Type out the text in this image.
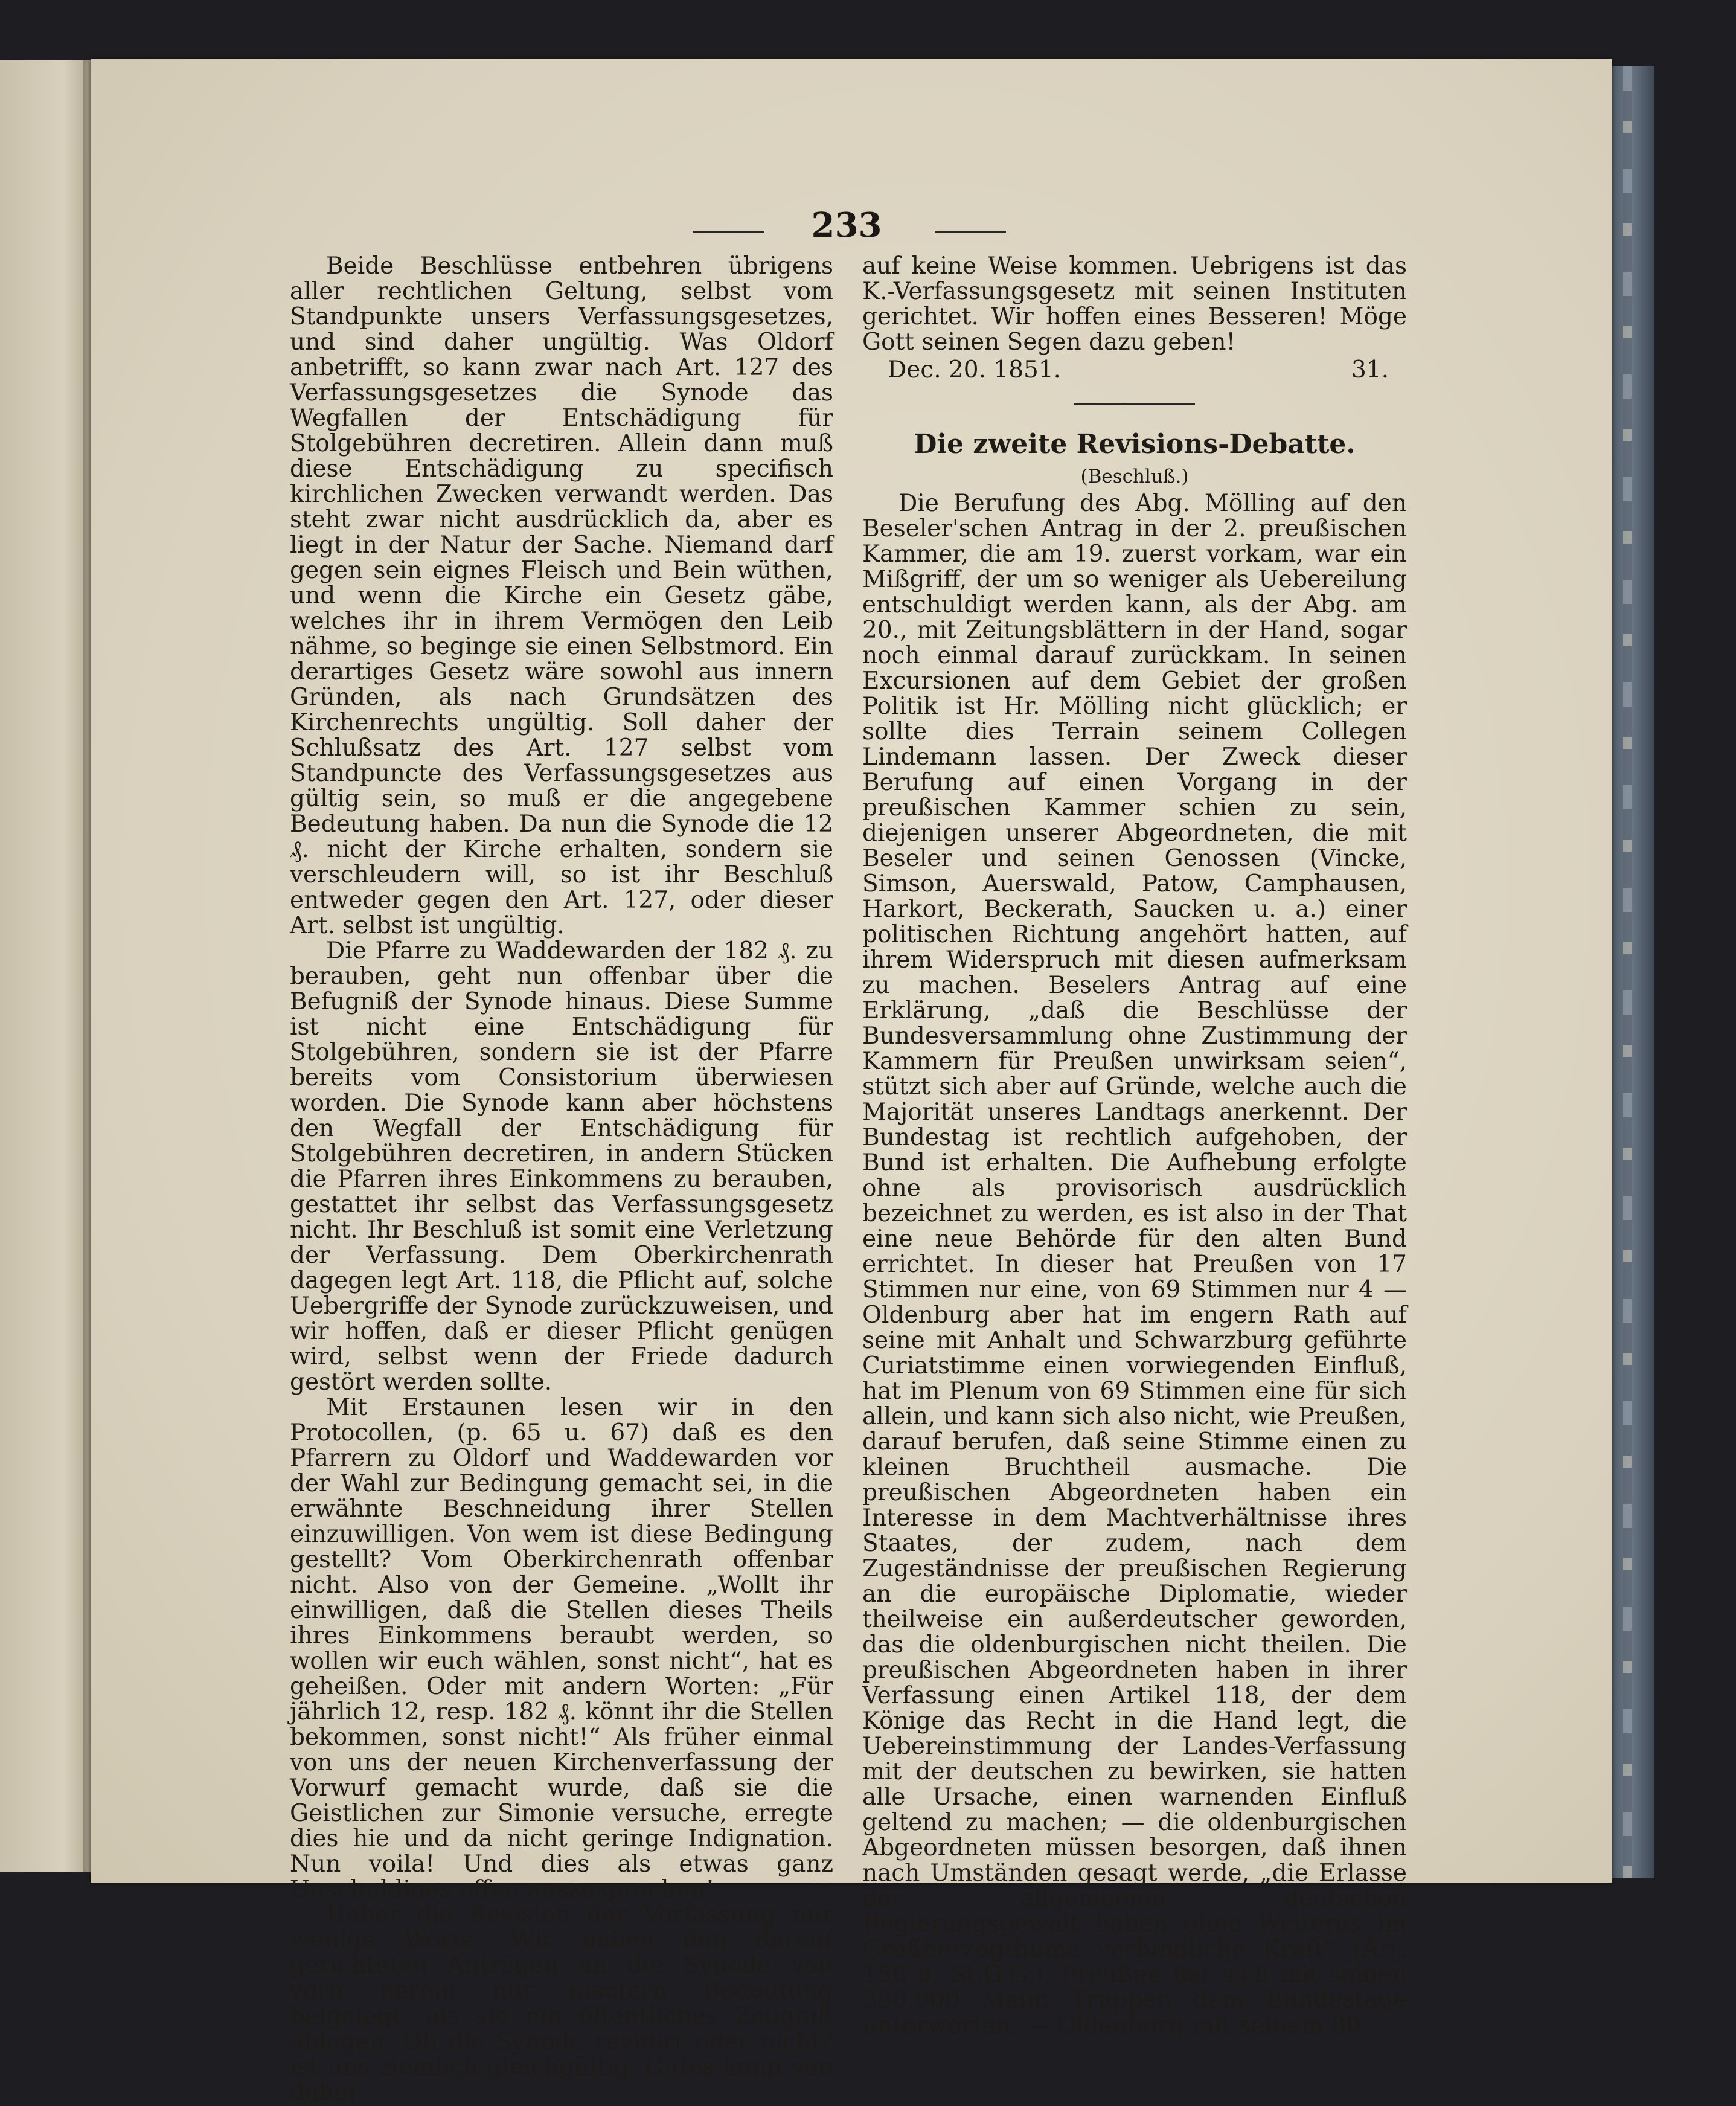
233

Beide Beschlüsse entbehren übrigens aller rechtlichen Geltung, selbst vom Standpunkte unsers Verfassungsgesetzes, und sind daher ungültig. Was Oldorf anbetrifft, so kann zwar nach Art. 127 des Verfassungsgesetzes die Synode das Wegfallen der Entschädigung für Stolgebühren decretiren. Allein dann muß diese Entschädigung zu specifisch kirchlichen Zwecken verwandt werden. Das steht zwar nicht ausdrücklich da, aber es liegt in der Natur der Sache. Niemand darf gegen sein eignes Fleisch und Bein wüthen, und wenn die Kirche ein Gesetz gäbe, welches ihr in ihrem Vermögen den Leib nähme, so beginge sie einen Selbstmord. Ein derartiges Gesetz wäre sowohl aus innern Gründen, als nach Grundsätzen des Kirchenrechts ungültig. Soll daher der Schlußsatz des Art. 127 selbst vom Standpuncte des Verfassungsgesetzes aus gültig sein, so muß er die angegebene Bedeutung haben. Da nun die Synode die 12 ₰. nicht der Kirche erhalten, sondern sie verschleudern will, so ist ihr Beschluß entweder gegen den Art. 127, oder dieser Art. selbst ist ungültig.

Die Pfarre zu Waddewarden der 182 ₰. zu berauben, geht nun offenbar über die Befugniß der Synode hinaus. Diese Summe ist nicht eine Entschädigung für Stolgebühren, sondern sie ist der Pfarre bereits vom Consistorium überwiesen worden. Die Synode kann aber höchstens den Wegfall der Entschädigung für Stolgebühren decretiren, in andern Stücken die Pfarren ihres Einkommens zu berauben, gestattet ihr selbst das Verfassungsgesetz nicht. Ihr Beschluß ist somit eine Verletzung der Verfassung. Dem Oberkirchenrath dagegen legt Art. 118, die Pflicht auf, solche Uebergriffe der Synode zurückzuweisen, und wir hoffen, daß er dieser Pflicht genügen wird, selbst wenn der Friede dadurch gestört werden sollte.

Mit Erstaunen lesen wir in den Protocollen, (p. 65 u. 67) daß es den Pfarrern zu Oldorf und Waddewarden vor der Wahl zur Bedingung gemacht sei, in die erwähnte Beschneidung ihrer Stellen einzuwilligen. Von wem ist diese Bedingung gestellt? Vom Oberkirchenrath offenbar nicht. Also von der Gemeine. „Wollt ihr einwilligen, daß die Stellen dieses Theils ihres Einkommens beraubt werden, so wollen wir euch wählen, sonst nicht“, hat es geheißen. Oder mit andern Worten: „Für jährlich 12, resp. 182 ₰. könnt ihr die Stellen bekommen, sonst nicht!“ Als früher einmal von uns der neuen Kirchenverfassung der Vorwurf gemacht wurde, daß sie die Geistlichen zur Simonie versuche, erregte dies hie und da nicht geringe Indignation. Nun voila! Und dies als etwas ganz Unschuldiges offen auszusprechen!

Ueber die Revision der Verfassung nur wenige Worte. Wir haben den darauf gerichteten Anträgen an die Synode von vorn herein nur insofern Bedeutung beigelegt. als sie ein öffentliches Zeugniß ablegen. Ob die Synode revidirt oder nicht? ist uns ziemlich gleichgültig. Gutes kann von daher

auf keine Weise kommen. Uebrigens ist das K.-Verfassungsgesetz mit seinen Instituten gerichtet. Wir hoffen eines Besseren! Möge Gott seinen Segen dazu geben!

Dec. 20. 1851.	31.
Die zweite Revisions-Debatte.
(Beschluß.)

Die Berufung des Abg. Mölling auf den Beseler'schen Antrag in der 2. preußischen Kammer, die am 19. zuerst vorkam, war ein Mißgriff, der um so weniger als Uebereilung entschuldigt werden kann, als der Abg. am 20., mit Zeitungsblättern in der Hand, sogar noch einmal darauf zurückkam. In seinen Excursionen auf dem Gebiet der großen Politik ist Hr. Mölling nicht glücklich; er sollte dies Terrain seinem Collegen Lindemann lassen. Der Zweck dieser Berufung auf einen Vorgang in der preußischen Kammer schien zu sein, diejenigen unserer Abgeordneten, die mit Beseler und seinen Genossen (Vincke, Simson, Auerswald, Patow, Camphausen, Harkort, Beckerath, Saucken u. a.) einer politischen Richtung angehört hatten, auf ihrem Widerspruch mit diesen aufmerksam zu machen. Beselers Antrag auf eine Erklärung, „daß die Beschlüsse der Bundesversammlung ohne Zustimmung der Kammern für Preußen unwirksam seien“, stützt sich aber auf Gründe, welche auch die Majorität unseres Landtags anerkennt. Der Bundestag ist rechtlich aufgehoben, der Bund ist erhalten. Die Aufhebung erfolgte ohne als provisorisch ausdrücklich bezeichnet zu werden, es ist also in der That eine neue Behörde für den alten Bund errichtet. In dieser hat Preußen von 17 Stimmen nur eine, von 69 Stimmen nur 4 — Oldenburg aber hat im engern Rath auf seine mit Anhalt und Schwarzburg geführte Curiatstimme einen vorwiegenden Einfluß, hat im Plenum von 69 Stimmen eine für sich allein, und kann sich also nicht, wie Preußen, darauf berufen, daß seine Stimme einen zu kleinen Bruchtheil ausmache. Die preußischen Abgeordneten haben ein Interesse in dem Machtverhältnisse ihres Staates, der zudem, nach dem Zugeständnisse der preußischen Regierung an die europäische Diplomatie, wieder theilweise ein außerdeutscher geworden, das die oldenburgischen nicht theilen. Die preußischen Abgeordneten haben in ihrer Verfassung einen Artikel 118, der dem Könige das Recht in die Hand legt, die Uebereinstimmung der Landes-Verfassung mit der deutschen zu bewirken, sie hatten alle Ursache, einen warnenden Einfluß geltend zu machen; — die oldenburgischen Abgeordneten müssen besorgen, daß ihnen nach Umständen gesagt werde, „die Erlasse der allgemeinen deutschen Regierungsgewalt haben ohne Weiteres im Großherzogthume verbindliche Kraft“ (Art. 156 d. St.G.G.). Preußen hat sich mit seinen 330,000 Mann Truppen dem Bundestage unterworfen, — Oldenburg mit seinem 80.
